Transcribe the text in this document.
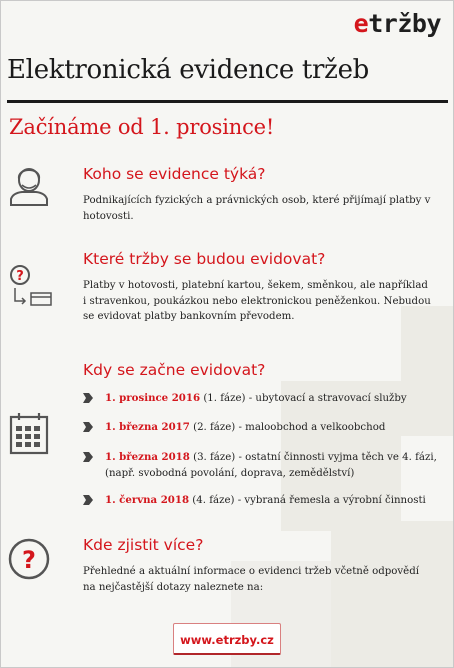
etržby
Elektronická evidence tržeb
Začínáme od 1. prosince!
Koho se evidence týká?
Podnikajících fyzických a právnických osob, které přijímají platby v hotovosti.
?
Které tržby se budou evidovat?
Platby v hotovosti, platební kartou, šekem, směnkou, ale například i stravenkou, poukázkou nebo elektronickou peněženkou. Nebudou se evidovat platby bankovním převodem.
Kdy se začne evidovat?
1. prosince 2016 (1. fáze) - ubytovací a stravovací služby
1. března 2017 (2. fáze) - maloobchod a velkoobchod
1. března 2018 (3. fáze) - ostatní činnosti vyjma těch ve 4. fázi, (např. svobodná povolání, doprava, zemědělství)
1. června 2018 (4. fáze) - vybraná řemesla a výrobní činnosti
?
Kde zjistit více?
Přehledné a aktuální informace o evidenci tržeb včetně odpovědí na nejčastější dotazy naleznete na:
www.etrzby.cz
